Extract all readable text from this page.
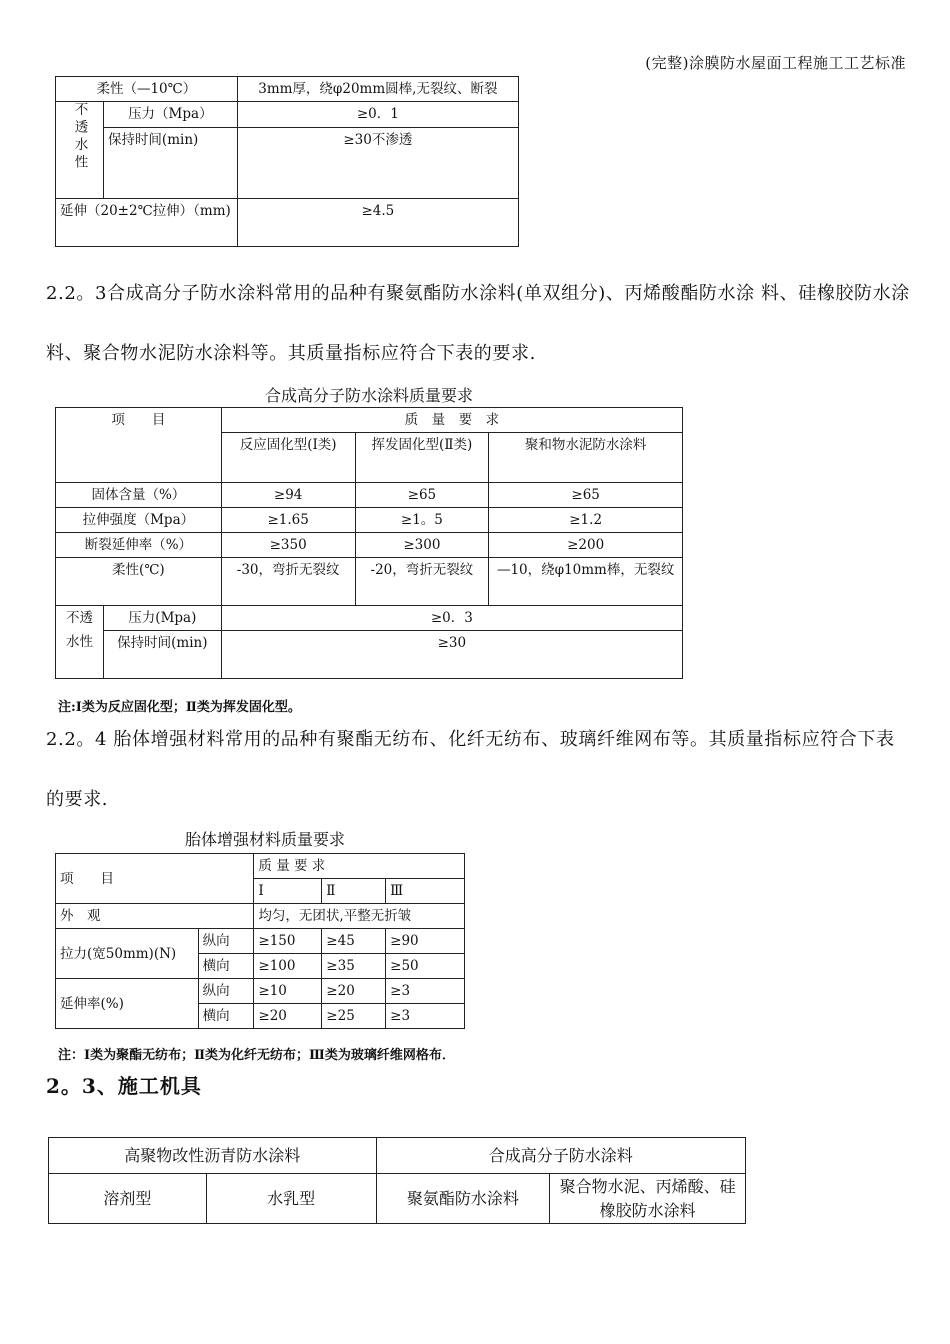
(完整)涂膜防水屋面工程施工工艺标准
柔性（—10℃）		3mm厚，绕φ20mm圆棒,无裂纹、断裂
不透水性	压力（Mpa）	≥0．1
	保持时间(min)	≥30不渗透
延伸（20±2℃拉伸）（mm)		≥4.5
2.2。3合成高分子防水涂料常用的品种有聚氨酯防水涂料(单双组分)、丙烯酸酯防水涂 料、硅橡胶防水涂料、聚合物水泥防水涂料等。其质量指标应符合下表的要求.
合成高分子防水涂料质量要求
项　　目		质　量　要　求		
		反应固化型(Ⅰ类)	挥发固化型(Ⅱ类)	聚和物水泥防水涂料
固体含量（%）		≥94	≥65	≥65
拉伸强度（Mpa）		≥1.65	≥1。5	≥1.2
断裂延伸率（%）		≥350	≥300	≥200
柔性(℃)		-30，弯折无裂纹	-20，弯折无裂纹	—10，绕φ10mm棒，无裂纹
不透水性	压力(Mpa)	≥0．3		
	保持时间(min)	≥30		
注:Ⅰ类为反应固化型；Ⅱ类为挥发固化型。
2.2。4 胎体增强材料常用的品种有聚酯无纺布、化纤无纺布、玻璃纤维网布等。其质量指标应符合下表的要求.
胎体增强材料质量要求
项　　目		质 量 要 求		
		Ⅰ	Ⅱ	Ⅲ
外　观		均匀，无团状,平整无折皱		
拉力(宽50mm)(N)	纵向	≥150	≥45	≥90
	横向	≥100	≥35	≥50
延伸率(%)	纵向	≥10	≥20	≥3
	横向	≥20	≥25	≥3
注：Ⅰ类为聚酯无纺布；Ⅱ类为化纤无纺布；Ⅲ类为玻璃纤维网格布．
2。3、施工机具
高聚物改性沥青防水涂料		合成高分子防水涂料	
溶剂型	水乳型	聚氨酯防水涂料	聚合物水泥、丙烯酸、硅橡胶防水涂料
